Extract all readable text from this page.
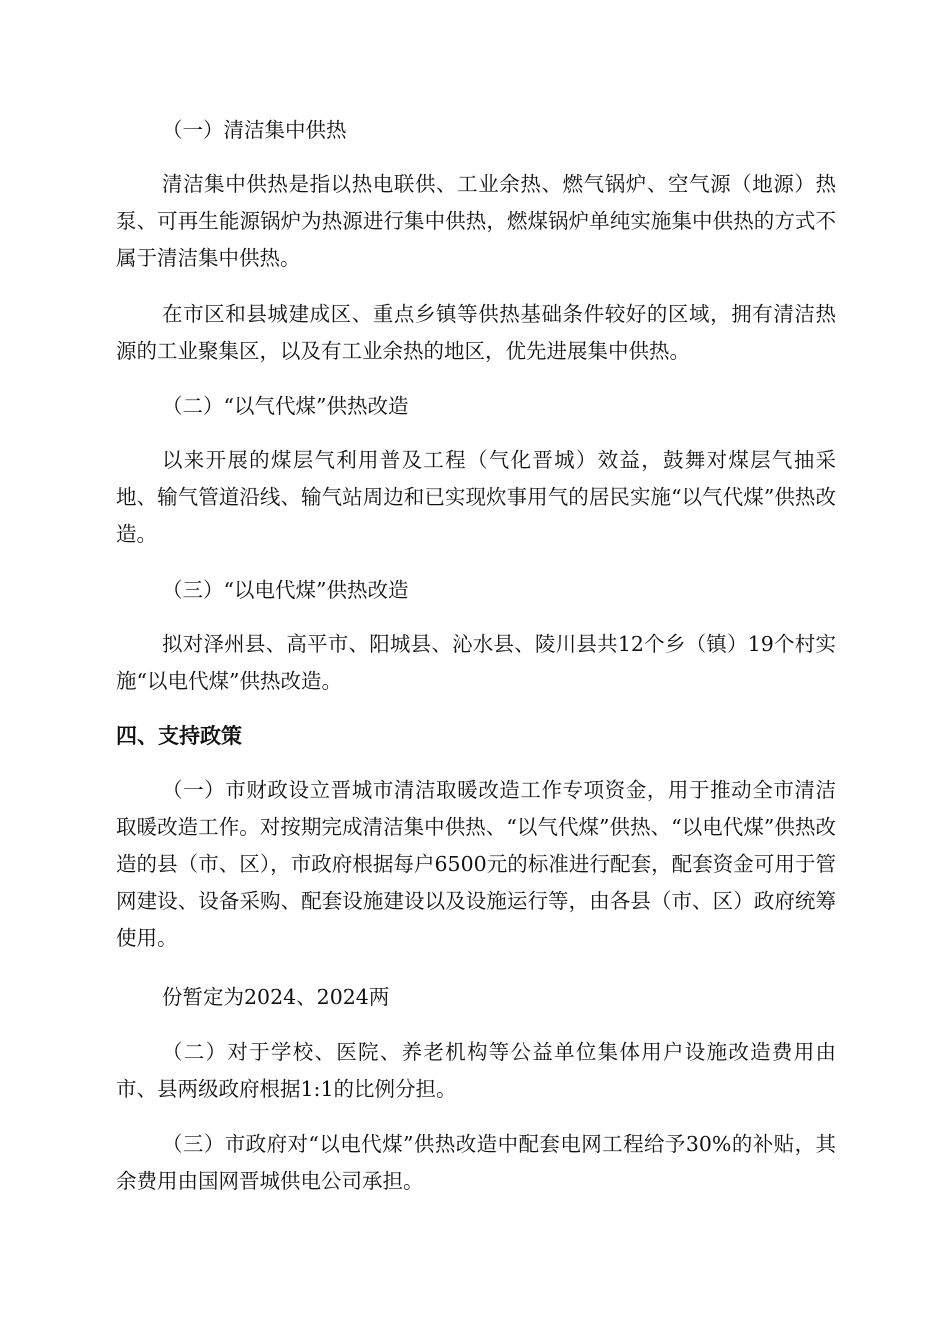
（一）清洁集中供热

清洁集中供热是指以热电联供、工业余热、燃气锅炉、空气源（地源）热泵、可再生能源锅炉为热源进行集中供热，燃煤锅炉单纯实施集中供热的方式不属于清洁集中供热。

在市区和县城建成区、重点乡镇等供热基础条件较好的区域，拥有清洁热源的工业聚集区，以及有工业余热的地区，优先进展集中供热。

（二）“以气代煤”供热改造

以来开展的煤层气利用普及工程（气化晋城）效益，鼓舞对煤层气抽采地、输气管道沿线、输气站周边和已实现炊事用气的居民实施“以气代煤”供热改造。

（三）“以电代煤”供热改造

拟对泽州县、高平市、阳城县、沁水县、陵川县共12个乡（镇）19个村实施“以电代煤”供热改造。

四、支持政策

（一）市财政设立晋城市清洁取暖改造工作专项资金，用于推动全市清洁取暖改造工作。对按期完成清洁集中供热、“以气代煤”供热、“以电代煤”供热改造的县（市、区），市政府根据每户6500元的标准进行配套，配套资金可用于管网建设、设备采购、配套设施建设以及设施运行等，由各县（市、区）政府统筹使用。

份暂定为2024、2024两

（二）对于学校、医院、养老机构等公益单位集体用户设施改造费用由市、县两级政府根据1:1的比例分担。

（三）市政府对“以电代煤”供热改造中配套电网工程给予30%的补贴，其余费用由国网晋城供电公司承担。
